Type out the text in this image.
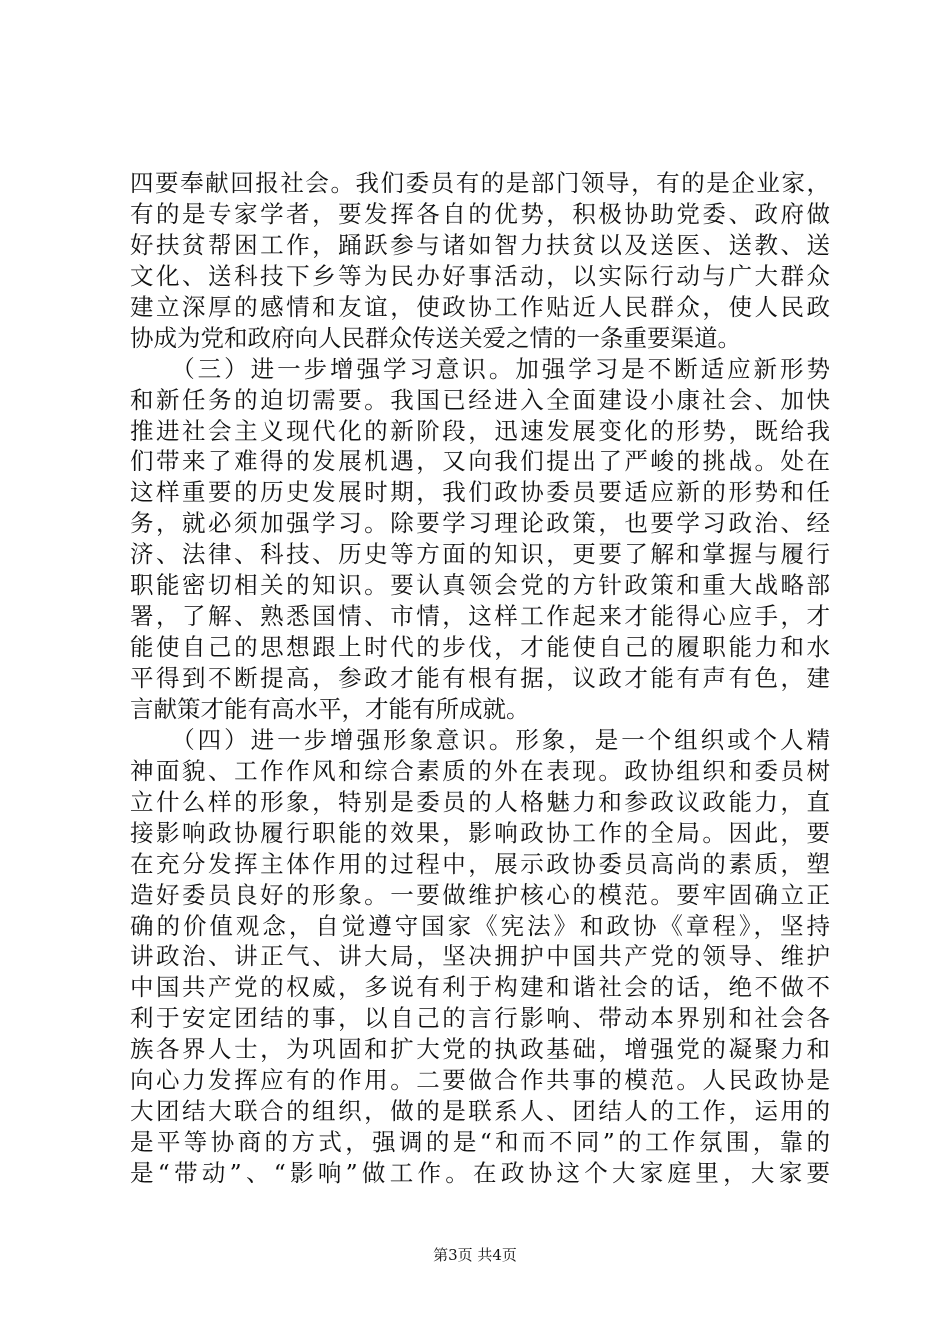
四要奉献回报社会。我们委员有的是部门领导，有的是企业家，
有的是专家学者，要发挥各自的优势，积极协助党委、政府做
好扶贫帮困工作，踊跃参与诸如智力扶贫以及送医、送教、送
文化、送科技下乡等为民办好事活动，以实际行动与广大群众
建立深厚的感情和友谊，使政协工作贴近人民群众，使人民政
协成为党和政府向人民群众传送关爱之情的一条重要渠道。
　　（三）进一步增强学习意识。加强学习是不断适应新形势
和新任务的迫切需要。我国已经进入全面建设小康社会、加快
推进社会主义现代化的新阶段，迅速发展变化的形势，既给我
们带来了难得的发展机遇，又向我们提出了严峻的挑战。处在
这样重要的历史发展时期，我们政协委员要适应新的形势和任
务，就必须加强学习。除要学习理论政策，也要学习政治、经
济、法律、科技、历史等方面的知识，更要了解和掌握与履行
职能密切相关的知识。要认真领会党的方针政策和重大战略部
署，了解、熟悉国情、市情，这样工作起来才能得心应手，才
能使自己的思想跟上时代的步伐，才能使自己的履职能力和水
平得到不断提高，参政才能有根有据，议政才能有声有色，建
言献策才能有高水平，才能有所成就。
　　（四）进一步增强形象意识。形象，是一个组织或个人精
神面貌、工作作风和综合素质的外在表现。政协组织和委员树
立什么样的形象，特别是委员的人格魅力和参政议政能力，直
接影响政协履行职能的效果，影响政协工作的全局。因此，要
在充分发挥主体作用的过程中，展示政协委员高尚的素质，塑
造好委员良好的形象。一要做维护核心的模范。要牢固确立正
确的价值观念，自觉遵守国家《宪法》和政协《章程》，坚持
讲政治、讲正气、讲大局，坚决拥护中国共产党的领导、维护
中国共产党的权威，多说有利于构建和谐社会的话，绝不做不
利于安定团结的事，以自己的言行影响、带动本界别和社会各
族各界人士，为巩固和扩大党的执政基础，增强党的凝聚力和
向心力发挥应有的作用。二要做合作共事的模范。人民政协是
大团结大联合的组织，做的是联系人、团结人的工作，运用的
是平等协商的方式，强调的是“和而不同”的工作氛围，靠的
是“带动”、“影响”做工作。在政协这个大家庭里，大家要
第3页 共4页
